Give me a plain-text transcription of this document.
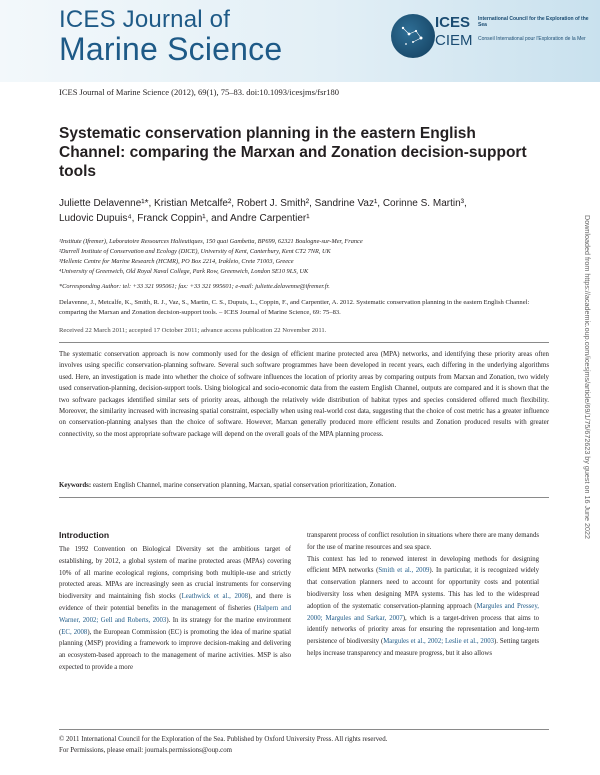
ICES Journal of
Marine Science
ICES
CIEM
International Council for the Exploration of the Sea
Conseil International pour l'Exploration de la Mer
ICES Journal of Marine Science (2012), 69(1), 75–83. doi:10.1093/icesjms/fsr180
Systematic conservation planning in the eastern English Channel: comparing the Marxan and Zonation decision-support tools
Juliette Delavenne¹*, Kristian Metcalfe², Robert J. Smith², Sandrine Vaz¹, Corinne S. Martin³,
Ludovic Dupuis⁴, Franck Coppin¹, and Andre Carpentier¹
¹Institute (Ifremer), Laboratoire Ressources Halieutiques, 150 quai Gambetta, BP699, 62321 Boulogne-sur-Mer, France
²Durrell Institute of Conservation and Ecology (DICE), University of Kent, Canterbury, Kent CT2 7NR, UK
³Hellenic Centre for Marine Research (HCMR), PO Box 2214, Irakleio, Crete 71003, Greece
⁴University of Greenwich, Old Royal Naval College, Park Row, Greenwich, London SE10 9LS, UK
*Corresponding Author: tel: +33 321 995061; fax: +33 321 995601; e-mail: juliette.delavenne@ifremer.fr.
Delavenne, J., Metcalfe, K., Smith, R. J., Vaz, S., Martin, C. S., Dupuis, L., Coppin, F., and Carpentier, A. 2012. Systematic conservation planning in the eastern English Channel: comparing the Marxan and Zonation decision-support tools. – ICES Journal of Marine Science, 69: 75–83.
Received 22 March 2011; accepted 17 October 2011; advance access publication 22 November 2011.
The systematic conservation approach is now commonly used for the design of efficient marine protected area (MPA) networks, and identifying these priority areas often involves using specific conservation-planning software. Several such software programmes have been developed in recent years, each differing in the underlying algorithms used. Here, an investigation is made into whether the choice of software influences the location of priority areas by comparing outputs from Marxan and Zonation, two widely used conservation-planning, decision-support tools. Using biological and socio-economic data from the eastern English Channel, outputs are compared and it is shown that the two software packages identified similar sets of priority areas, although the relatively wide distribution of habitat types and species considered offered much flexibility. Moreover, the similarity increased with increasing spatial constraint, especially when using real-world cost data, suggesting that the choice of cost metric has a greater influence on conservation-planning analyses than the choice of software. However, Marxan generally produced more efficient results and Zonation produced results with greater connectivity, so the most appropriate software package will depend on the overall goals of the MPA planning process.
Keywords: eastern English Channel, marine conservation planning, Marxan, spatial conservation prioritization, Zonation.
Introduction
The 1992 Convention on Biological Diversity set the ambitious target of establishing, by 2012, a global system of marine protected areas (MPAs) covering 10% of all marine ecological regions, comprising both multiple-use and strictly protected areas. MPAs are increasingly seen as crucial instruments for conserving biodiversity and maintaining fish stocks (Leathwick et al., 2008), and there is evidence of their potential benefits in the management of fisheries (Halpern and Warner, 2002; Gell and Roberts, 2003). In its strategy for the marine environment (EC, 2008), the European Commission (EC) is promoting the idea of marine spatial planning (MSP) providing a framework to improve decision-making and delivering an ecosystem-based approach to the management of marine activities. MSP is also expected to provide a more
transparent process of conflict resolution in situations where there are many demands for the use of marine resources and sea space.
This context has led to renewed interest in developing methods for designing efficient MPA networks (Smith et al., 2009). In particular, it is recognized widely that conservation planners need to account for opportunity costs and potential biodiversity loss when designing MPA systems. This has led to the widespread adoption of the systematic conservation-planning approach (Margules and Pressey, 2000; Margules and Sarkar, 2007), which is a target-driven process that aims to identify networks of priority areas for ensuring the representation and long-term persistence of biodiversity (Margules et al., 2002; Leslie et al., 2003). Setting targets helps increase transparency and measure progress, but it also allows
© 2011 International Council for the Exploration of the Sea. Published by Oxford University Press. All rights reserved.
For Permissions, please email: journals.permissions@oup.com
Downloaded from https://academic.oup.com/icesjms/article/69/1/75/672623 by guest on 16 June 2022
